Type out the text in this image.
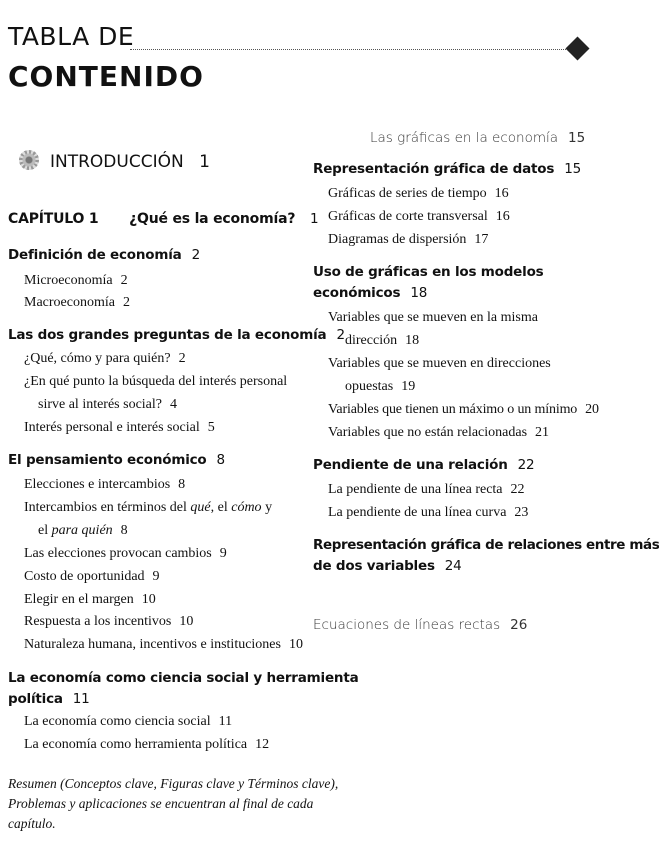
TABLA DE
CONTENIDO
INTRODUCCIÓN 1
CAPÍTULO 1 ¿Qué es la economía? 1
Definición de economía 2
Microeconomía 2
Macroeconomía 2
Las dos grandes preguntas de la economía 2
¿Qué, cómo y para quién? 2
¿En qué punto la búsqueda del interés personal
sirve al interés social? 4
Interés personal e interés social 5
El pensamiento económico 8
Elecciones e intercambios 8
Intercambios en términos del qué, el cómo y
el para quién 8
Las elecciones provocan cambios 9
Costo de oportunidad 9
Elegir en el margen 10
Respuesta a los incentivos 10
Naturaleza humana, incentivos e instituciones 10
La economía como ciencia social y herramienta
política 11
La economía como ciencia social 11
La economía como herramienta política 12
Resumen (Conceptos clave, Figuras clave y Términos clave),
Problemas y aplicaciones se encuentran al final de cada
capítulo.
Las gráficas en la economía 15
Representación gráfica de datos 15
Gráficas de series de tiempo 16
Gráficas de corte transversal 16
Diagramas de dispersión 17
Uso de gráficas en los modelos
económicos 18
Variables que se mueven en la misma
dirección 18
Variables que se mueven en direcciones
opuestas 19
Variables que tienen un máximo o un mínimo 20
Variables que no están relacionadas 21
Pendiente de una relación 22
La pendiente de una línea recta 22
La pendiente de una línea curva 23
Representación gráfica de relaciones entre más
de dos variables 24
Ecuaciones de líneas rectas 26
